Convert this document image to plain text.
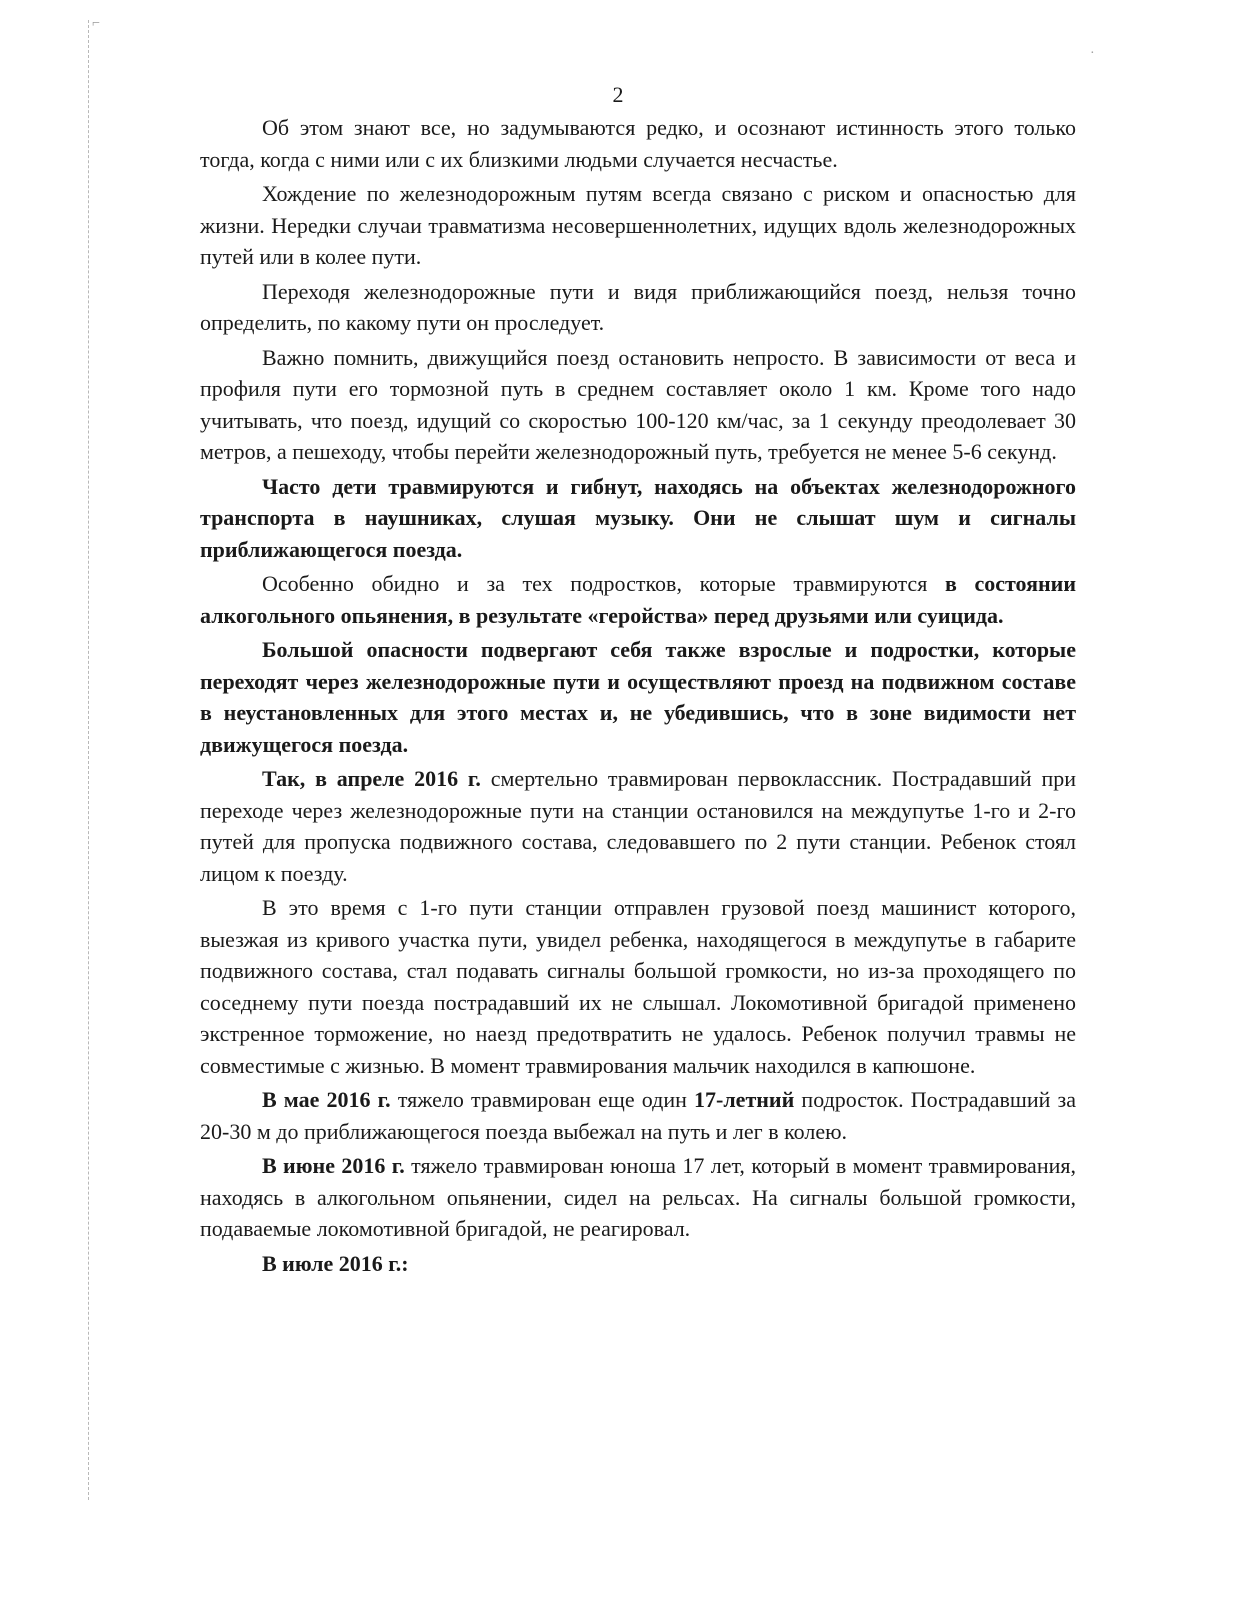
⌐
·
2

Об этом знают все, но задумываются редко, и осознают истинность этого только тогда, когда с ними или с их близкими людьми случается несчастье.

Хождение по железнодорожным путям всегда связано с риском и опасностью для жизни. Нередки случаи травматизма несовершеннолетних, идущих вдоль железнодорожных путей или в колее пути.

Переходя железнодорожные пути и видя приближающийся поезд, нельзя точно определить, по какому пути он проследует.

Важно помнить, движущийся поезд остановить непросто. В зависимости от веса и профиля пути его тормозной путь в среднем составляет около 1 км. Кроме того надо учитывать, что поезд, идущий со скоростью 100-120 км/час, за 1 секунду преодолевает 30 метров, а пешеходу, чтобы перейти железнодорожный путь, требуется не менее 5-6 секунд.

Часто дети травмируются и гибнут, находясь на объектах железнодорожного транспорта в наушниках, слушая музыку. Они не слышат шум и сигналы приближающегося поезда.

Особенно обидно и за тех подростков, которые травмируются в состоянии алкогольного опьянения, в результате «геройства» перед друзьями или суицида.

Большой опасности подвергают себя также взрослые и подростки, которые переходят через железнодорожные пути и осуществляют проезд на подвижном составе в неустановленных для этого местах и, не убедившись, что в зоне видимости нет движущегося поезда.

Так, в апреле 2016 г. смертельно травмирован первоклассник. Пострадавший при переходе через железнодорожные пути на станции остановился на междупутье 1-го и 2-го путей для пропуска подвижного состава, следовавшего по 2 пути станции. Ребенок стоял лицом к поезду.

В это время с 1-го пути станции отправлен грузовой поезд машинист которого, выезжая из кривого участка пути, увидел ребенка, находящегося в междупутье в габарите подвижного состава, стал подавать сигналы большой громкости, но из-за проходящего по соседнему пути поезда пострадавший их не слышал. Локомотивной бригадой применено экстренное торможение, но наезд предотвратить не удалось. Ребенок получил травмы не совместимые с жизнью. В момент травмирования мальчик находился в капюшоне.

В мае 2016 г. тяжело травмирован еще один 17-летний подросток. Пострадавший за 20-30 м до приближающегося поезда выбежал на путь и лег в колею.

В июне 2016 г. тяжело травмирован юноша 17 лет, который в момент травмирования, находясь в алкогольном опьянении, сидел на рельсах. На сигналы большой громкости, подаваемые локомотивной бригадой, не реагировал.

В июле 2016 г.:
